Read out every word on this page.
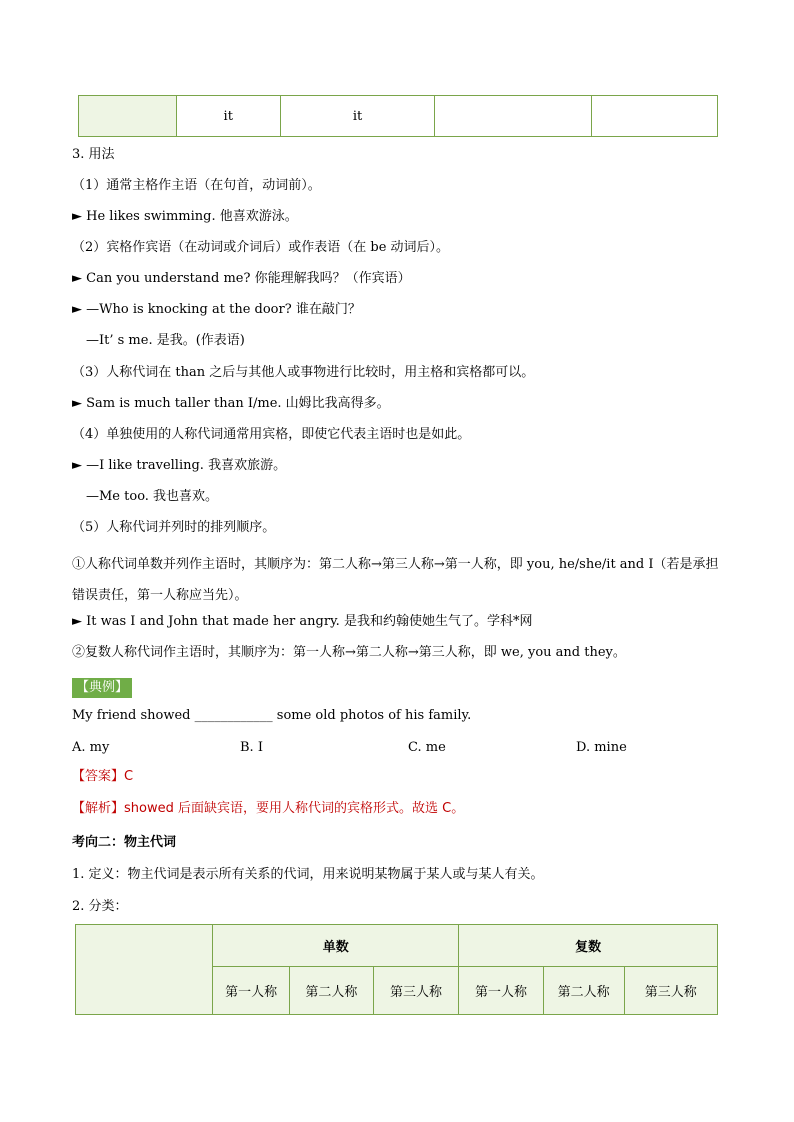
	it	it		
3. 用法
（1）通常主格作主语（在句首，动词前）。
► He likes swimming. 他喜欢游泳。
（2）宾格作宾语（在动词或介词后）或作表语（在 be 动词后）。
► Can you understand me? 你能理解我吗？（作宾语）
► —Who is knocking at the door? 谁在敲门？
—It’ s me. 是我。(作表语)
（3）人称代词在 than 之后与其他人或事物进行比较时，用主格和宾格都可以。
► Sam is much taller than I/me. 山姆比我高得多。
（4）单独使用的人称代词通常用宾格，即使它代表主语时也是如此。
► —I like travelling. 我喜欢旅游。
—Me too. 我也喜欢。
（5）人称代词并列时的排列顺序。
①人称代词单数并列作主语时，其顺序为：第二人称→第三人称→第一人称，即 you, he/she/it and I（若是承担错误责任，第一人称应当先）。
► It was I and John that made her angry. 是我和约翰使她生气了。学科*网
②复数人称代词作主语时，其顺序为：第一人称→第二人称→第三人称，即 we, you and they。
【典例】
My friend showed ____________ some old photos of his family.
A. my	B. I	C. me	D. mine
【答案】C
【解析】showed 后面缺宾语，要用人称代词的宾格形式。故选 C。
考向二：物主代词
1. 定义：物主代词是表示所有关系的代词，用来说明某物属于某人或与某人有关。
2. 分类：
	单数			复数		
	第一人称	第二人称	第三人称	第一人称	第二人称	第三人称
